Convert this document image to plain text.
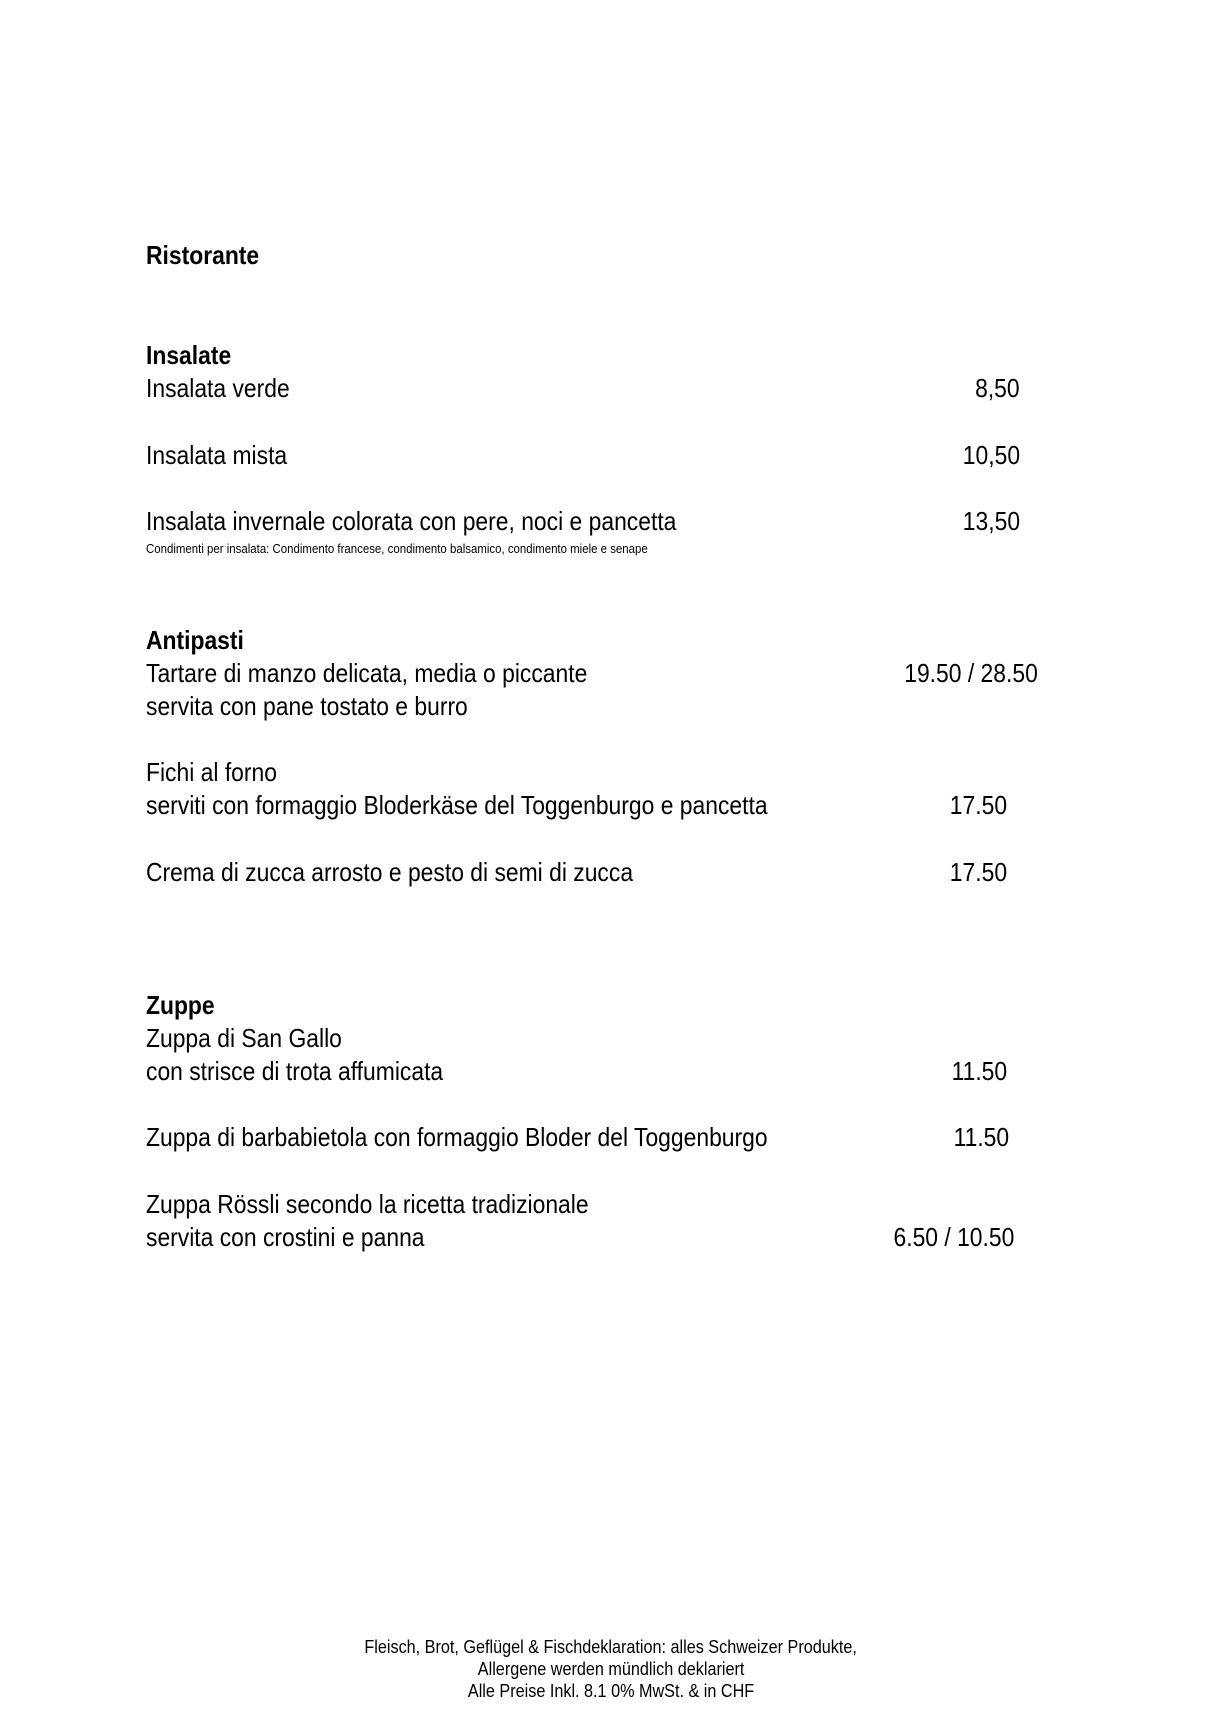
Ristorante
Insalate
Insalata verde	8,50
Insalata mista	10,50
Insalata invernale colorata con pere, noci e pancetta	13,50
Condimenti per insalata: Condimento francese, condimento balsamico, condimento miele e senape
Antipasti
Tartare di manzo delicata, media o piccante	19.50 / 28.50
servita con pane tostato e burro
Fichi al forno
serviti con formaggio Bloderkäse del Toggenburgo e pancetta	17.50
Crema di zucca arrosto e pesto di semi di zucca	17.50
Zuppe
Zuppa di San Gallo
con strisce di trota affumicata	11.50
Zuppa di barbabietola con formaggio Bloder del Toggenburgo	11.50
Zuppa Rössli secondo la ricetta tradizionale
servita con crostini e panna	6.50 / 10.50
Fleisch, Brot, Geflügel & Fischdeklaration: alles Schweizer Produkte,
Allergene werden mündlich deklariert
Alle Preise Inkl. 8.1 0% MwSt. & in CHF
